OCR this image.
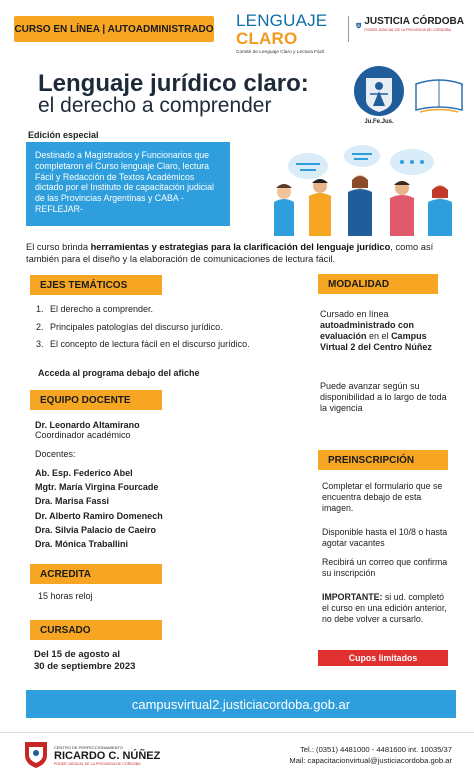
CURSO EN LÍNEA | AUTOADMINISTRADO LENGUAJE CLARO
Comité de Lenguaje Claro y Lectura Fácil
JUSTICIA CÓRDOBA
PODER JUDICIAL DE LA PROVINCIA DE CÓRDOBA
Lenguaje jurídico claro:
el derecho a comprender
Ju.Fe.Jus.
Edición especial
Destinado a Magistrados y Funcionarios que completaron el Curso lenguaje Claro, lectura Fácil y Redacción de Textos Académicos dictado por el Instituto de capacitación judicial de las Provincias Argentinas y CABA -REFLEJAR-
El curso brinda herramientas y estrategias para la clarificación del lenguaje jurídico, como así también para el diseño y la elaboración de comunicaciones de lectura fácil.
EJES TEMÁTICOS
1. El derecho a comprender.
2. Principales patologías del discurso jurídico.
3. El concepto de lectura fácil en el discurso jurídico.
Acceda al programa debajo del afiche
EQUIPO DOCENTE
Dr. Leonardo Altamirano
Coordinador académico
Docentes:
Ab. Esp. Federico Abel
Mgtr. María Virgina Fourcade
Dra. Marisa Fassi
Dr. Alberto Ramiro Domenech
Dra. Silvia Palacio de Caeiro
Dra. Mónica Traballini
ACREDITA
15 horas reloj
CURSADO
Del 15 de agosto al
30 de septiembre 2023
MODALIDAD
Cursado en línea autoadministrado con evaluación en el Campus Virtual 2 del Centro Núñez
Puede avanzar según su disponibilidad a lo largo de toda la vigencia
PREINSCRIPCIÓN
Completar el formulario que se encuentra debajo de esta imagen.
Disponible hasta el 10/8 o hasta agotar vacantes
Recibirá un correo que confirma su inscripción
IMPORTANTE: si ud. completó el curso en una edición anterior, no debe volver a cursarlo.
Cupos limitados
campusvirtual2.justiciacordoba.gob.ar
CENTRO DE PERFECCIONAMIENTO
RICARDO C. NÚÑEZ
PODER JUDICIAL DE LA PROVINCIA DE CÓRDOBA
Tel.: (0351) 4481000 - 4481600 int. 10035/37
Mail: capacitacionvirtual@justiciacordoba.gob.ar
